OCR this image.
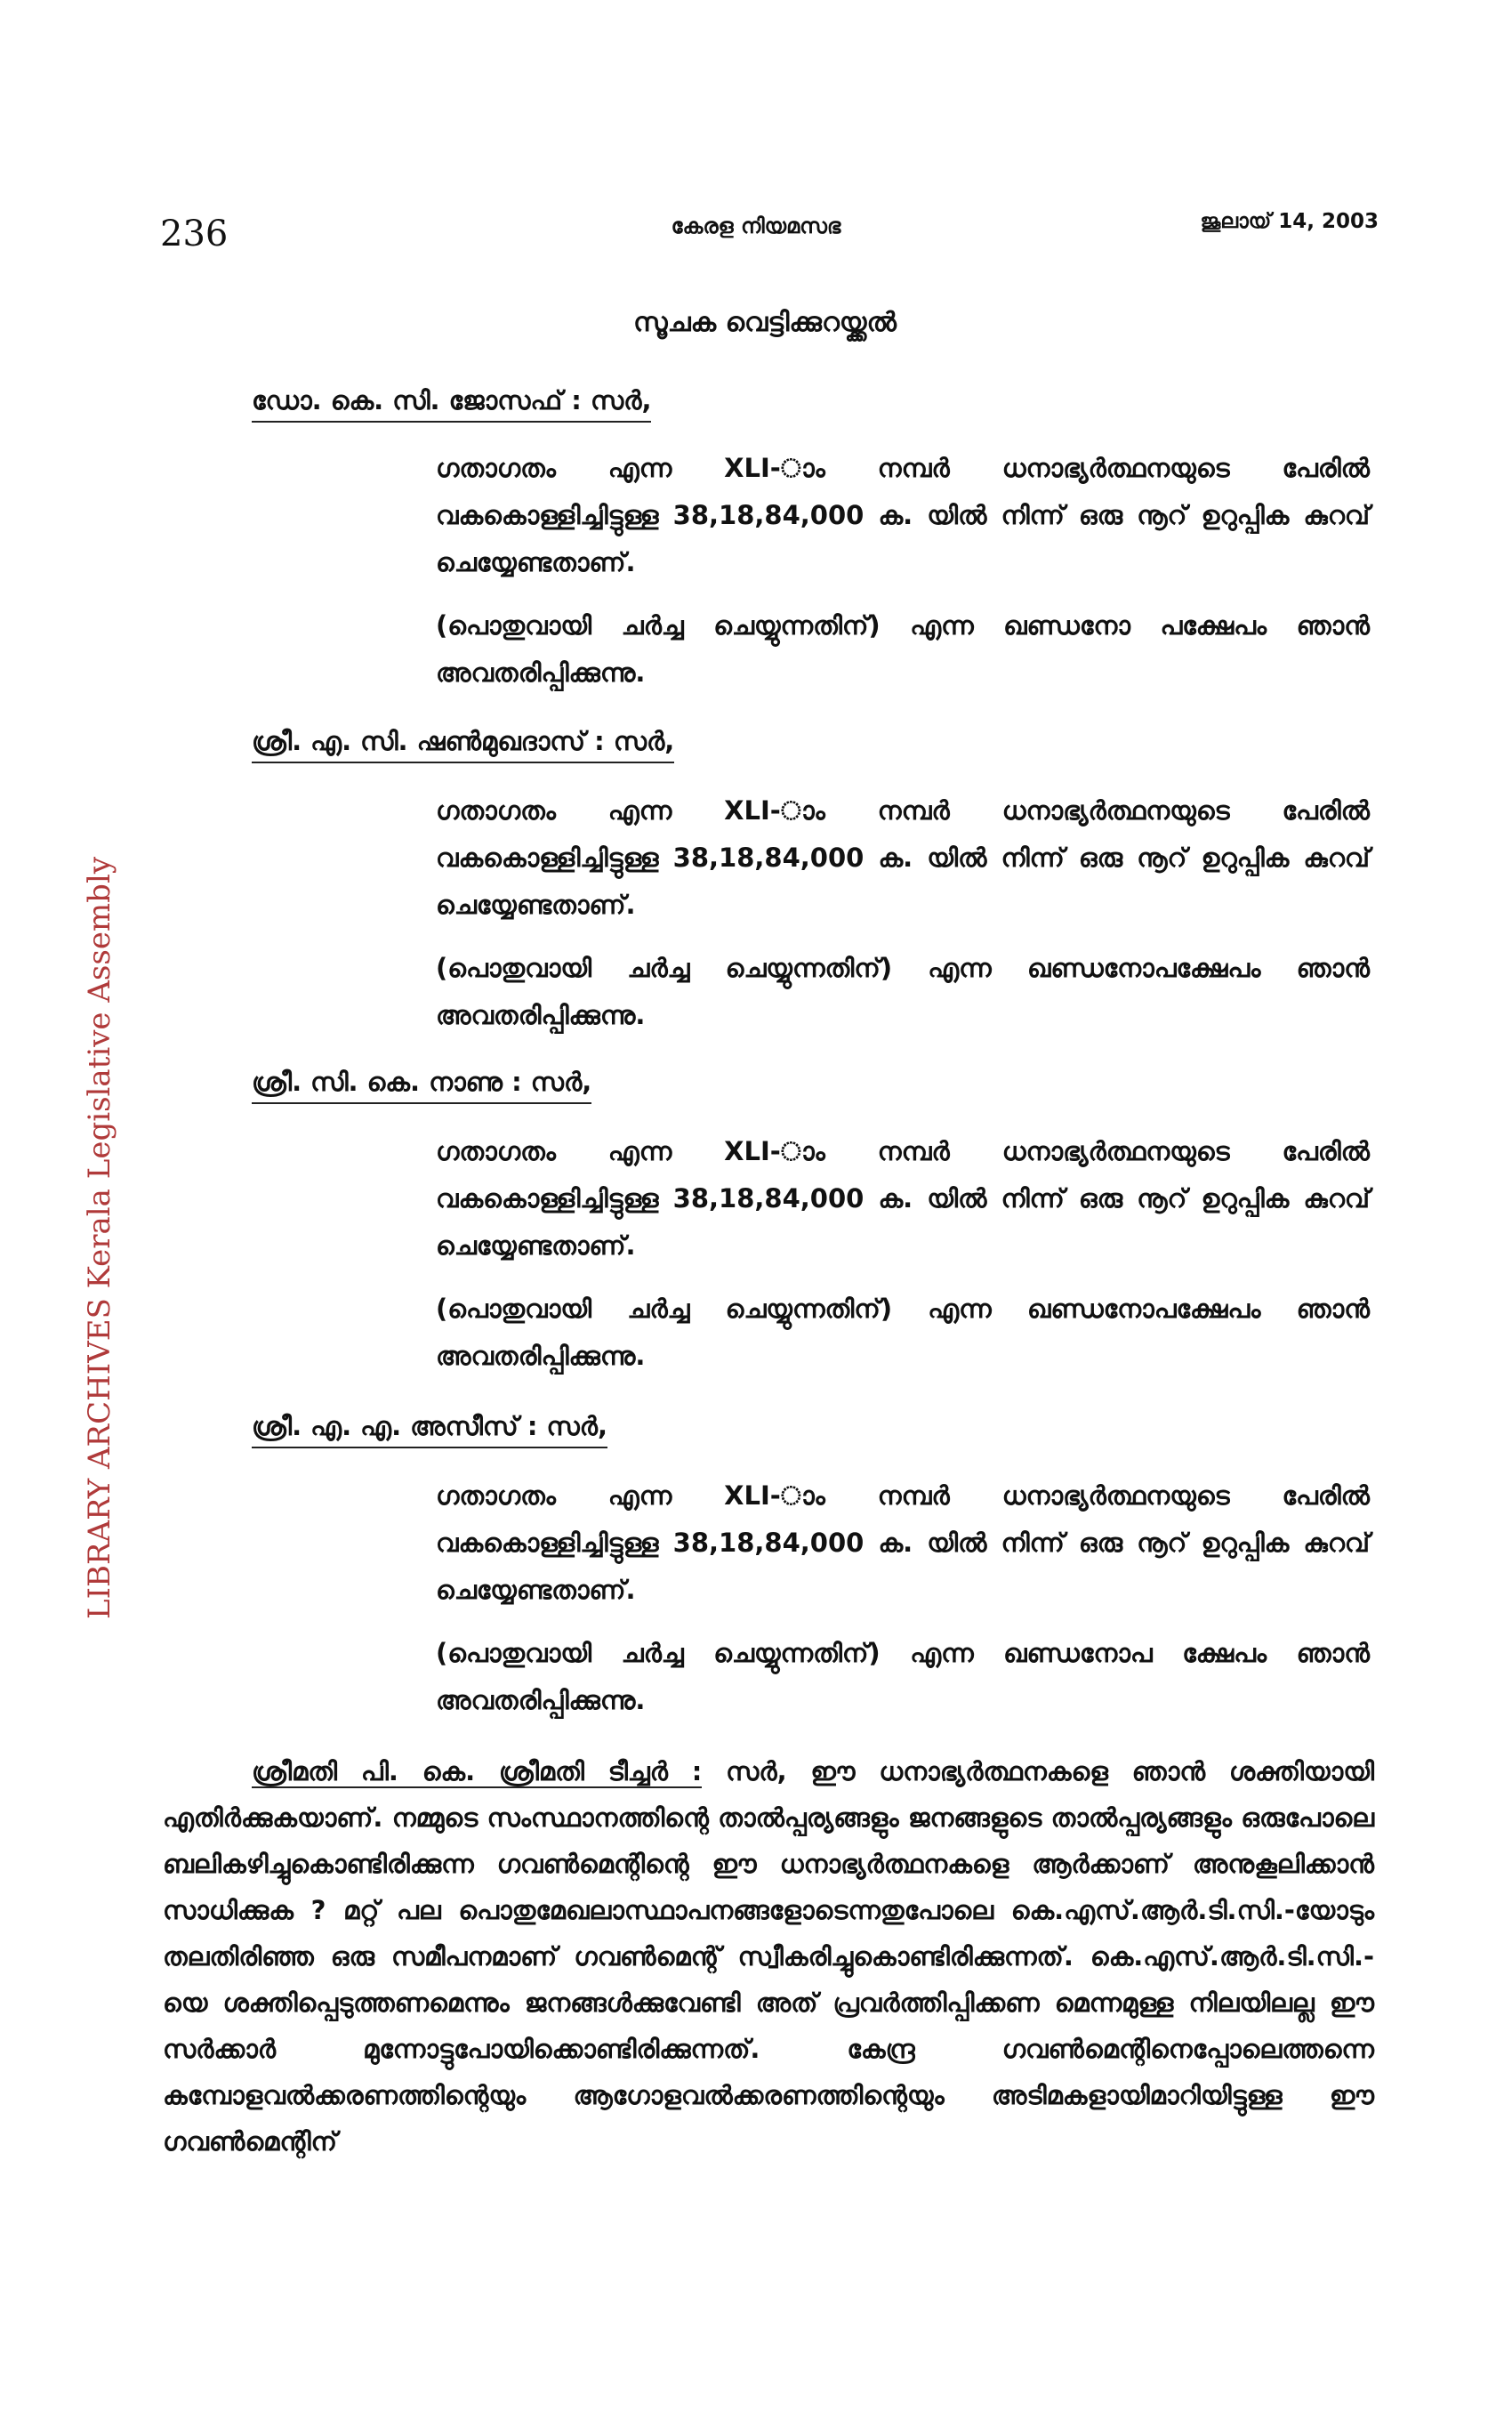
236	കേരള നിയമസഭ	ജൂലായ് 14, 2003
സൂചക വെട്ടിക്കുറയ്ക്കൽ
LIBRARY ARCHIVES Kerala Legislative Assembly
ഡോ. കെ. സി. ജോസഫ് : സർ,

ഗതാഗതം എന്ന XLI-ാം നമ്പർ ധനാഭ്യർത്ഥനയുടെ പേരിൽ വകകൊള്ളിച്ചിട്ടുള്ള 38,18,84,000 ക. യിൽ നിന്ന് ഒരു നൂറ് ഉറുപ്പിക കുറവ് ചെയ്യേണ്ടതാണ്.

(പൊതുവായി ചർച്ച ചെയ്യുന്നതിന്) എന്ന ഖണ്ഡനോ പക്ഷേപം ഞാൻ അവതരിപ്പിക്കുന്നു.

ശ്രീ. എ. സി. ഷൺമുഖദാസ് : സർ,

ഗതാഗതം എന്ന XLI-ാം നമ്പർ ധനാഭ്യർത്ഥനയുടെ പേരിൽ വകകൊള്ളിച്ചിട്ടുള്ള 38,18,84,000 ക. യിൽ നിന്ന് ഒരു നൂറ് ഉറുപ്പിക കുറവ് ചെയ്യേണ്ടതാണ്.

(പൊതുവായി ചർച്ച ചെയ്യുന്നതിന്) എന്ന ഖണ്ഡനോപക്ഷേപം ഞാൻ അവതരിപ്പിക്കുന്നു.

ശ്രീ. സി. കെ. നാണു : സർ,

ഗതാഗതം എന്ന XLI-ാം നമ്പർ ധനാഭ്യർത്ഥനയുടെ പേരിൽ വകകൊള്ളിച്ചിട്ടുള്ള 38,18,84,000 ക. യിൽ നിന്ന് ഒരു നൂറ് ഉറുപ്പിക കുറവ് ചെയ്യേണ്ടതാണ്.

(പൊതുവായി ചർച്ച ചെയ്യുന്നതിന്) എന്ന ഖണ്ഡനോപക്ഷേപം ഞാൻ അവതരിപ്പിക്കുന്നു.

ശ്രീ. എ. എ. അസീസ് : സർ,

ഗതാഗതം എന്ന XLI-ാം നമ്പർ ധനാഭ്യർത്ഥനയുടെ പേരിൽ വകകൊള്ളിച്ചിട്ടുള്ള 38,18,84,000 ക. യിൽ നിന്ന് ഒരു നൂറ് ഉറുപ്പിക കുറവ് ചെയ്യേണ്ടതാണ്.

(പൊതുവായി ചർച്ച ചെയ്യുന്നതിന്) എന്ന ഖണ്ഡനോപ ക്ഷേപം ഞാൻ അവതരിപ്പിക്കുന്നു.

ശ്രീമതി പി. കെ. ശ്രീമതി ടീച്ചർ : സർ, ഈ ധനാഭ്യർത്ഥനകളെ ഞാൻ ശക്തിയായി എതിർക്കുകയാണ്. നമ്മുടെ സംസ്ഥാനത്തിന്റെ താൽപ്പര്യങ്ങളും ജനങ്ങളുടെ താൽപ്പര്യങ്ങളും ഒരുപോലെ ബലികഴിച്ചുകൊണ്ടിരിക്കുന്ന ഗവൺമെന്റിന്റെ ഈ ധനാഭ്യർത്ഥനകളെ ആർക്കാണ് അനുകൂലിക്കാൻ സാധിക്കുക ? മറ്റ് പല പൊതുമേഖലാസ്ഥാപനങ്ങളോടെന്നതുപോലെ കെ.എസ്.ആർ.ടി.സി.-യോടും തലതിരിഞ്ഞ ഒരു സമീപനമാണ് ഗവൺമെന്റ് സ്വീകരിച്ചുകൊണ്ടിരിക്കുന്നത്. കെ.എസ്.ആർ.ടി.സി.-യെ ശക്തിപ്പെടുത്തണമെന്നും ജനങ്ങൾക്കുവേണ്ടി അത് പ്രവർത്തിപ്പിക്കണ മെന്നമുള്ള നിലയിലല്ല ഈ സർക്കാർ മുന്നോട്ടുപോയിക്കൊണ്ടിരിക്കുന്നത്. കേന്ദ്ര ഗവൺമെന്റിനെപ്പോലെത്തന്നെ കമ്പോളവൽക്കരണത്തിന്റെയും ആഗോളവൽക്കരണത്തിന്റെയും അടിമകളായിമാറിയിട്ടുള്ള ഈ ഗവൺമെന്റിന്
